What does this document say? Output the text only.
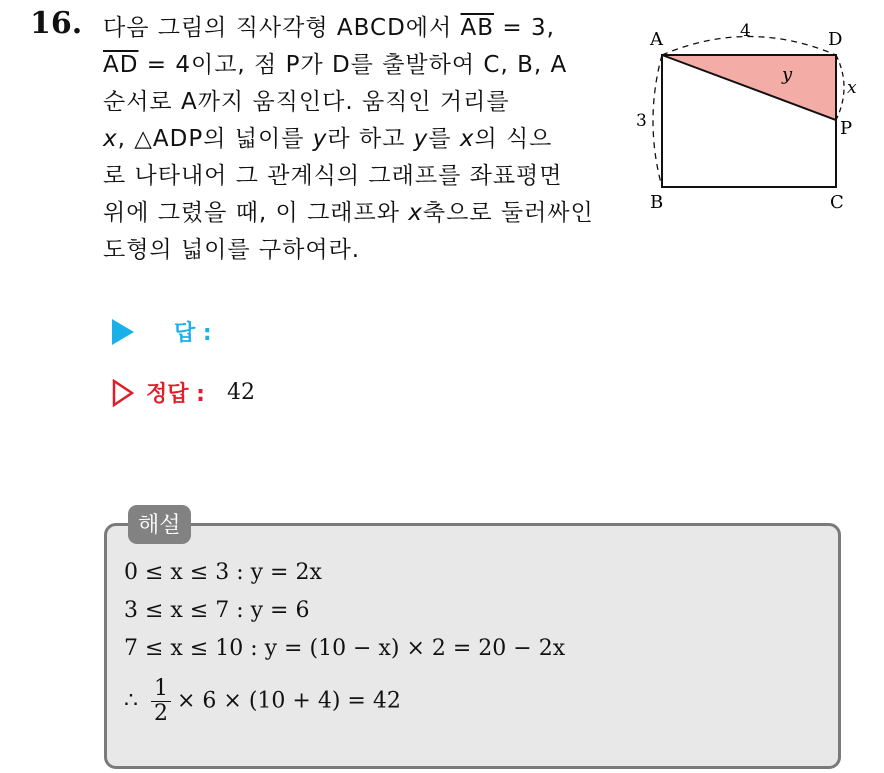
16. 다음 그림의 직사각형 ABCD에서 $\overline{AB} = 3$,
$\overline{AD} = 4$이고, 점 P가 D를 출발하여 C, B, A
순서로 A까지 움직인다. 움직인 거리를
x, △ADP의 넓이를 y라 하고 y를 x의 식으
로 나타내어 그 관계식의 그래프를 좌표평면
위에 그렸을 때, 이 그래프와 x축으로 둘러싸인
도형의 넓이를 구하여라.
A
B	C
D
P
4
3
x
y
답 :
정답 : 42
해설
0 ≤ x ≤ 3 : y = 2x
3 ≤ x ≤ 7 : y = 6
7 ≤ x ≤ 10 : y = (10 − x) × 2 = 20 − 2x
∴ $\frac{1}{2} \times 6 \times (10 + 4) = 42$
